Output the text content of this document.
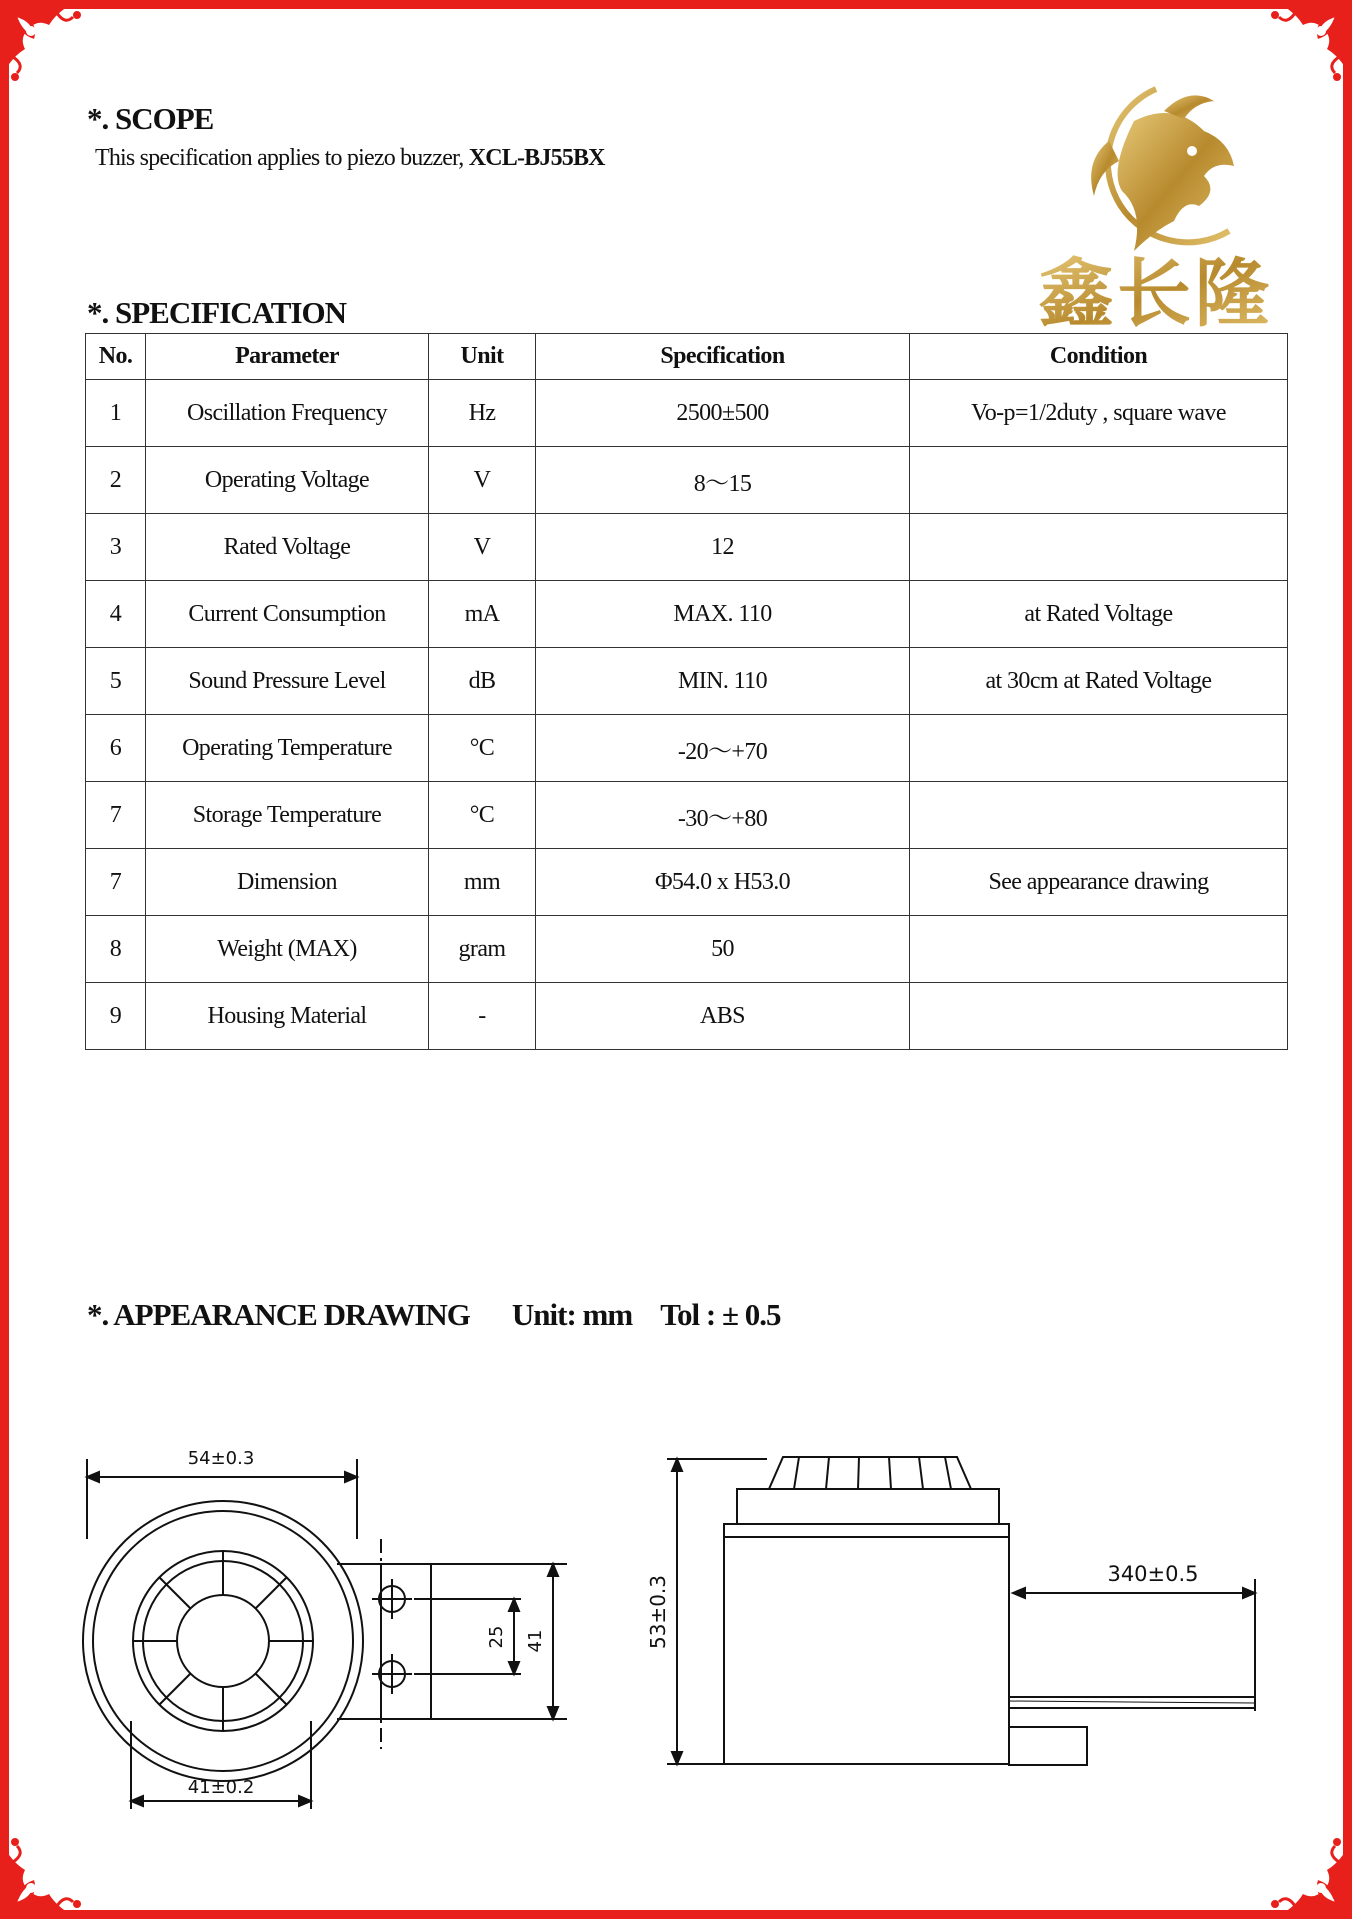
*. SCOPE
This specification applies to piezo buzzer, XCL-BJ55BX
鑫长隆
*. SPECIFICATION
No.	Parameter	Unit	Specification	Condition
1	Oscillation Frequency	Hz	2500±500	Vo-p=1/2duty , square wave
2	Operating Voltage	V	8～15	
3	Rated Voltage	V	12	
4	Current Consumption	mA	MAX. 110	at Rated Voltage
5	Sound Pressure Level	dB	MIN. 110	at 30cm at Rated Voltage
6	Operating Temperature	°C	-20～+70	
7	Storage Temperature	°C	-30～+80	
7	Dimension	mm	Φ54.0 x H53.0	See appearance drawing
8	Weight (MAX)	gram	50	
9	Housing Material	-	ABS	
*. APPEARANCE DRAWING Unit: mm Tol : ± 0.5
54±0.3
25 41
41±0.2
53±0.3
340±0.5
